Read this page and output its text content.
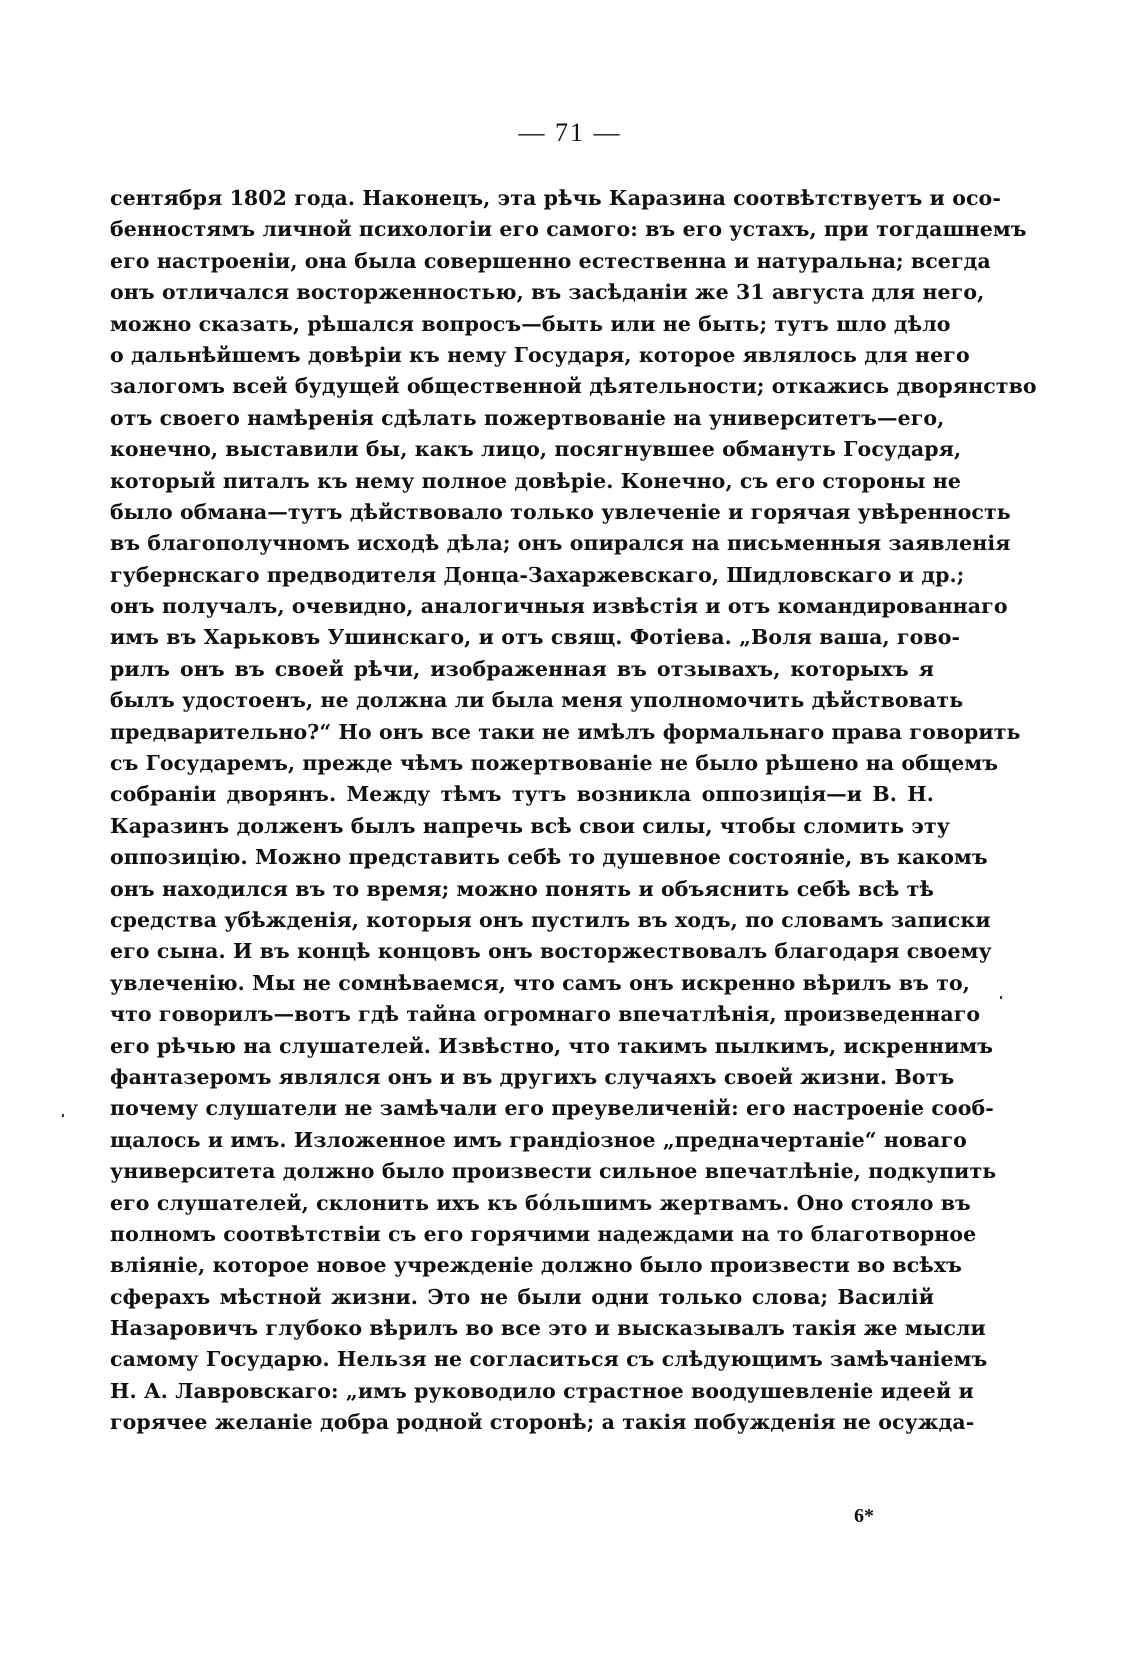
— 71 —
сентября 1802 года. Наконецъ, эта рѣчь Каразина соотвѣтствуетъ и осо-
бенностямъ личной психологіи его самого: въ его устахъ, при тогдашнемъ
его настроеніи, она была совершенно естественна и натуральна; всегда
онъ отличался восторженностью, въ засѣданіи же 31 августа для него,
можно сказать, рѣшался вопросъ—быть или не быть; тутъ шло дѣло
о дальнѣйшемъ довѣріи къ нему Государя, которое являлось для него
залогомъ всей будущей общественной дѣятельности; откажись дворянство
отъ своего намѣренія сдѣлать пожертвованіе на университетъ—его,
конечно, выставили бы, какъ лицо, посягнувшее обмануть Государя,
который питалъ къ нему полное довѣріе. Конечно, съ его стороны не
было обмана—тутъ дѣйствовало только увлеченіе и горячая увѣренность
въ благополучномъ исходѣ дѣла; онъ опирался на письменныя заявленія
губернскаго предводителя Донца-Захаржевскаго, Шидловскаго и др.;
онъ получалъ, очевидно, аналогичныя извѣстія и отъ командированнаго
имъ въ Харьковъ Ушинскаго, и отъ свящ. Фотіева. „Воля ваша, гово-
рилъ онъ въ своей рѣчи, изображенная въ отзывахъ, которыхъ я
былъ удостоенъ, не должна ли была меня уполномочить дѣйствовать
предварительно?“ Но онъ все таки не имѣлъ формальнаго права говорить
съ Государемъ, прежде чѣмъ пожертвованіе не было рѣшено на общемъ
собраніи дворянъ. Между тѣмъ тутъ возникла оппозиція—и В. Н.
Каразинъ долженъ былъ напречь всѣ свои силы, чтобы сломить эту
оппозицію. Можно представить себѣ то душевное состояніе, въ какомъ
онъ находился въ то время; можно понять и объяснить себѣ всѣ тѣ
средства убѣжденія, которыя онъ пустилъ въ ходъ, по словамъ записки
его сына. И въ концѣ концовъ онъ восторжествовалъ благодаря своему
увлеченію. Мы не сомнѣваемся, что самъ онъ искренно вѣрилъ въ то,
что говорилъ—вотъ гдѣ тайна огромнаго впечатлѣнія, произведеннаго
его рѣчью на слушателей. Извѣстно, что такимъ пылкимъ, искреннимъ
фантазеромъ являлся онъ и въ другихъ случаяхъ своей жизни. Вотъ
почему слушатели не замѣчали его преувеличеній: его настроеніе сооб-
щалось и имъ. Изложенное имъ грандіозное „предначертаніе“ новаго
университета должно было произвести сильное впечатлѣніе, подкупить
его слушателей, склонить ихъ къ бóльшимъ жертвамъ. Оно стояло въ
полномъ соотвѣтствіи съ его горячими надеждами на то благотворное
вліяніе, которое новое учрежденіе должно было произвести во всѣхъ
сферахъ мѣстной жизни. Это не были одни только слова; Василій
Назаровичъ глубоко вѣрилъ во все это и высказывалъ такія же мысли
самому Государю. Нельзя не согласиться съ слѣдующимъ замѣчаніемъ
Н. А. Лавровскаго: „имъ руководило страстное воодушевленіе идеей и
горячее желаніе добра родной сторонѣ; а такія побужденія не осужда-
6*
